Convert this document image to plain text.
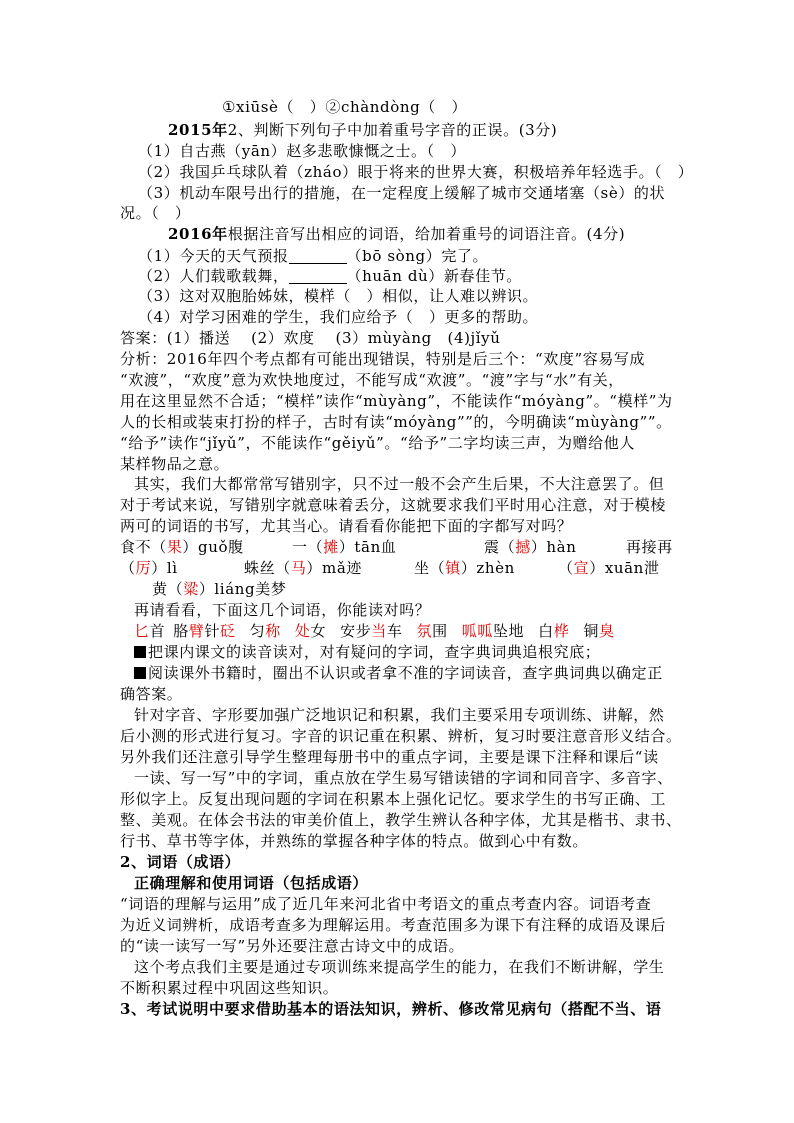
①xiūsè（　）②chàndòng（　）
2015年2、判断下列句子中加着重号字音的正误。(3分)
（1）自古燕（yān）赵多悲歌慷慨之士。（　）
（2）我国乒乓球队着（zháo）眼于将来的世界大赛，积极培养年轻选手。（　）
（3）机动车限号出行的措施，在一定程度上缓解了城市交通堵塞（sè）的状
况。（　）
2016年根据注音写出相应的词语，给加着重号的词语注音。(4分)
（1）今天的天气预报	（bō sòng）完了。
（2）人们载歌载舞，	（huān dù）新春佳节。
（3）这对双胞胎姊妹，模样（　）相似，让人难以辨识。
（4）对学习困难的学生，我们应给予（　）更多的帮助。
答案：(1）播送　 (2）欢度　 (3）mùyàng　(4)jǐyǔ
分析：2016年四个考点都有可能出现错误，特别是后三个：“欢度”容易写成
“欢渡”，“欢度”意为欢快地度过，不能写成“欢渡”。“渡”字与“水”有关，
用在这里显然不合适；“模样”读作“mùyàng”，不能读作“móyàng”。“模样”为
人的长相或装束打扮的样子，古时有读“móyàng””的，今明确读“mùyàng””。
“给予”读作“jǐyǔ”，不能读作“gěiyǔ”。“给予”二字均读三声，为赠给他人
某样物品之意。
其实，我们大都常常写错别字，只不过一般不会产生后果，不大注意罢了。但
对于考试来说，写错别字就意味着丢分，这就要求我们平时用心注意，对于模棱
两可的词语的书写，尤其当心。请看看你能把下面的字都写对吗？
食不（果）guǒ腹	一（摊）tān血	震（撼）hàn	再接再
（厉）lì	蛛丝（马）mǎ迹	坐（镇）zhèn	（宣）xuān泄
黄（粱）liáng美梦
再请看看，下面这几个词语，你能读对吗？
匕首 胳臂针砭 匀称 处女 安步当车 氛围 呱呱坠地 白桦 铜臭
把课内课文的读音读对，对有疑问的字词，查字典词典追根究底；
阅读课外书籍时，圈出不认识或者拿不准的字词读音，查字典词典以确定正
确答案。
针对字音、字形要加强广泛地识记和积累，我们主要采用专项训练、讲解，然
后小测的形式进行复习。字音的识记重在积累、辨析，复习时要注意音形义结合。
另外我们还注意引导学生整理每册书中的重点字词，主要是课下注释和课后“读
一读、写一写”中的字词，重点放在学生易写错读错的字词和同音字、多音字、
形似字上。反复出现问题的字词在积累本上强化记忆。要求学生的书写正确、工
整、美观。在体会书法的审美价值上，教学生辨认各种字体，尤其是楷书、隶书、
行书、草书等字体，并熟练的掌握各种字体的特点。做到心中有数。
2、词语（成语）
正确理解和使用词语（包括成语）
“词语的理解与运用”成了近几年来河北省中考语文的重点考查内容。词语考查
为近义词辨析，成语考查多为理解运用。考查范围多为课下有注释的成语及课后
的“读一读写一写”另外还要注意古诗文中的成语。
这个考点我们主要是通过专项训练来提高学生的能力，在我们不断讲解，学生
不断积累过程中巩固这些知识。
3、考试说明中要求借助基本的语法知识，辨析、修改常见病句（搭配不当、语
